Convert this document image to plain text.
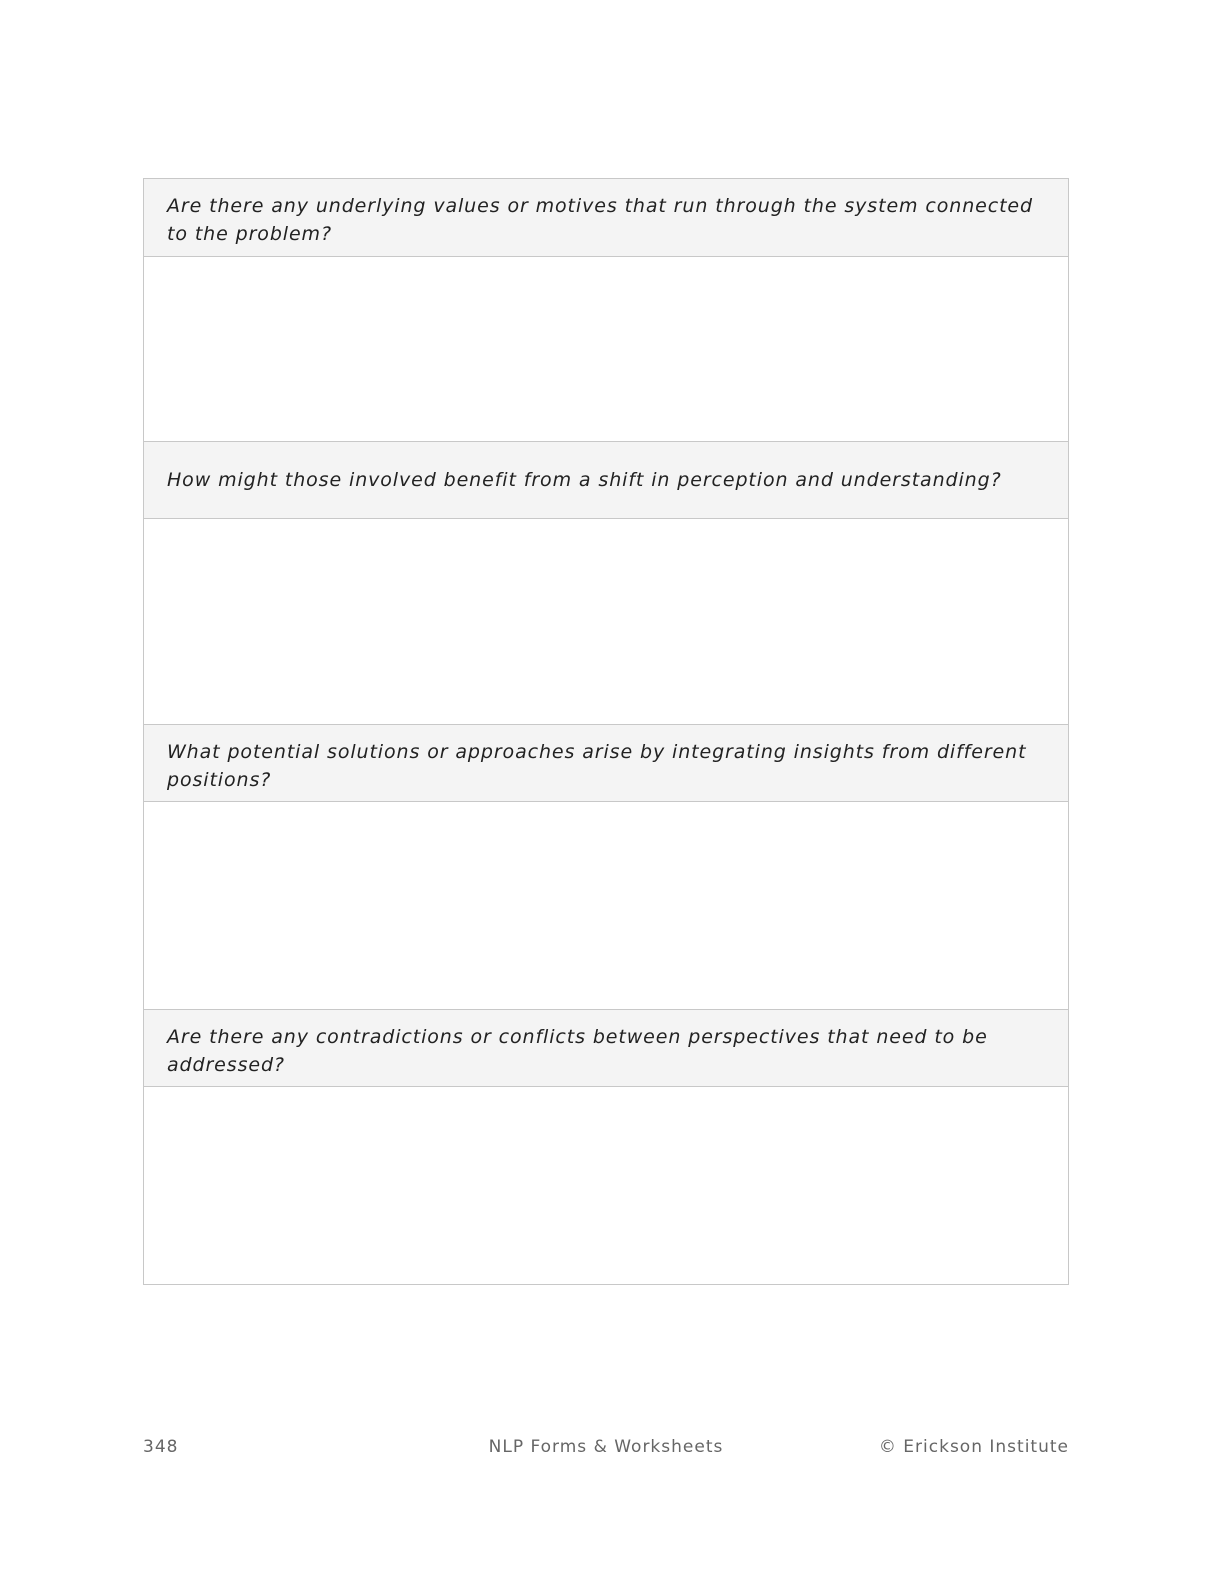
Are there any underlying values or motives that run through the system connected to the problem?
How might those involved benefit from a shift in perception and understanding?
What potential solutions or approaches arise by integrating insights from different positions?
Are there any contradictions or conflicts between perspectives that need to be addressed?
348	NLP Forms & Worksheets	© Erickson Institute
